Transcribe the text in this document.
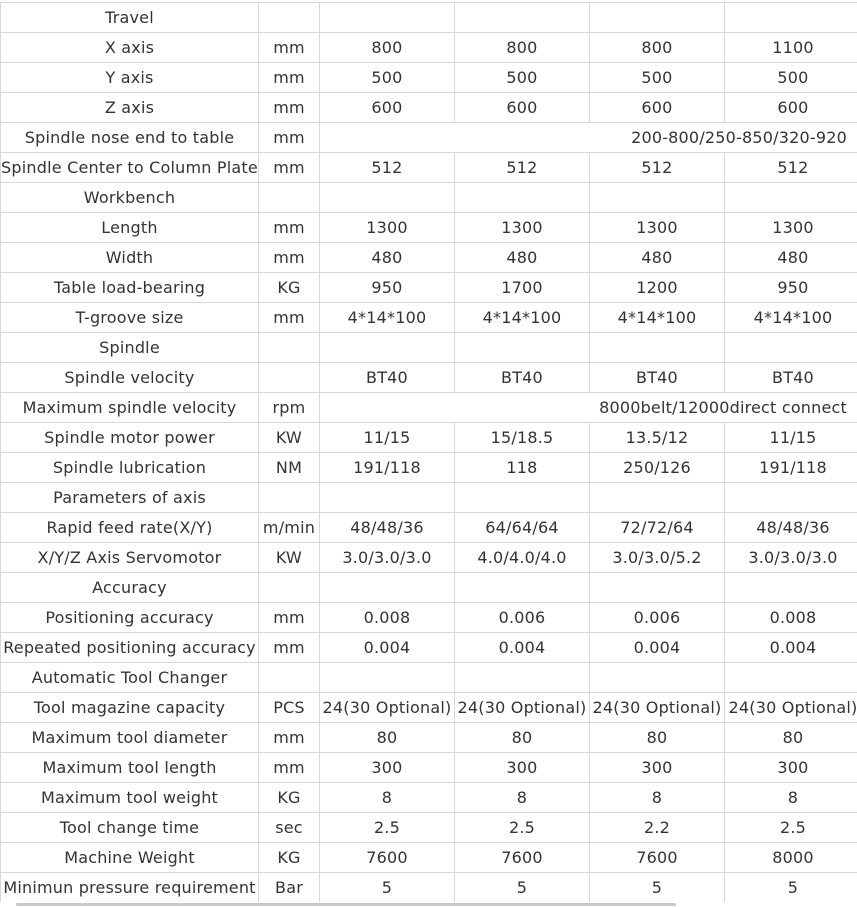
Travel					
X axis	mm	800	800	800	1100
Y axis	mm	500	500	500	500
Z axis	mm	600	600	600	600
Spindle nose end to table	mm	200-800/250-850/320-920			
Spindle Center to Column Plate	mm	512	512	512	512
Workbench					
Length	mm	1300	1300	1300	1300
Width	mm	480	480	480	480
Table load-bearing	KG	950	1700	1200	950
T-groove size	mm	4*14*100	4*14*100	4*14*100	4*14*100
Spindle					
Spindle velocity		BT40	BT40	BT40	BT40
Maximum spindle velocity	rpm	8000belt/12000direct connect			
Spindle motor power	KW	11/15	15/18.5	13.5/12	11/15
Spindle lubrication	NM	191/118	118	250/126	191/118
Parameters of axis					
Rapid feed rate(X/Y)	m/min	48/48/36	64/64/64	72/72/64	48/48/36
X/Y/Z Axis Servomotor	KW	3.0/3.0/3.0	4.0/4.0/4.0	3.0/3.0/5.2	3.0/3.0/3.0
Accuracy					
Positioning accuracy	mm	0.008	0.006	0.006	0.008
Repeated positioning accuracy	mm	0.004	0.004	0.004	0.004
Automatic Tool Changer					
Tool magazine capacity	PCS	24(30 Optional)	24(30 Optional)	24(30 Optional)	24(30 Optional)
Maximum tool diameter	mm	80	80	80	80
Maximum tool length	mm	300	300	300	300
Maximum tool weight	KG	8	8	8	8
Tool change time	sec	2.5	2.5	2.2	2.5
Machine Weight	KG	7600	7600	7600	8000
Minimun pressure requirement	Bar	5	5	5	5
